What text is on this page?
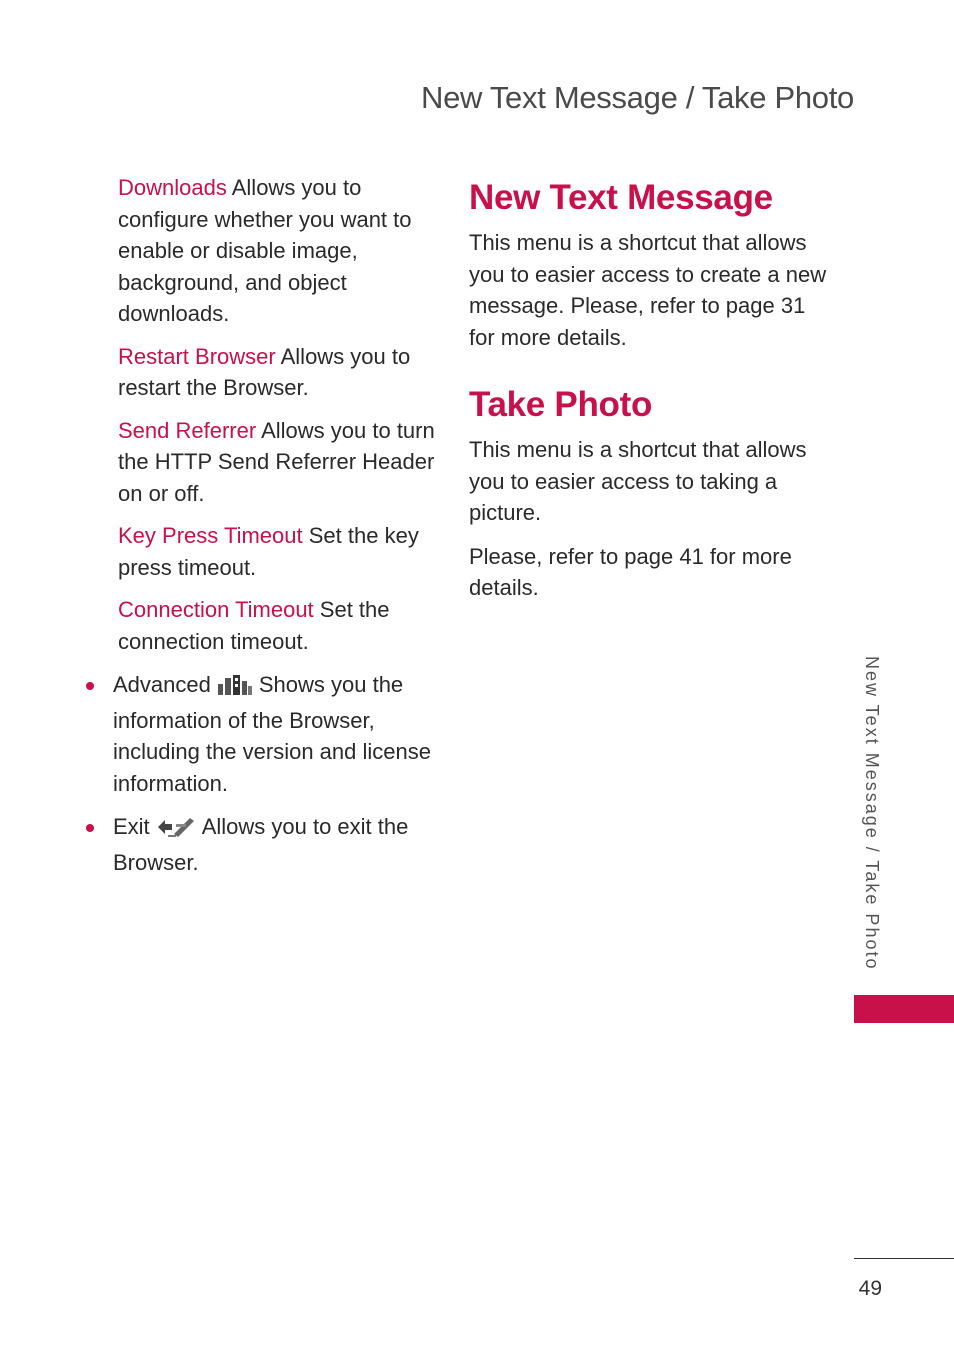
New Text Message / Take Photo
Downloads Allows you to configure whether you want to enable or disable image, background, and object downloads.
Restart Browser Allows you to restart the Browser.
Send Referrer Allows you to turn the HTTP Send Referrer Header on or off.
Key Press Timeout Set the key press timeout.
Connection Timeout Set the connection timeout.
Advanced Shows you the information of the Browser, including the version and license information.
Exit Allows you to exit the Browser.
New Text Message

This menu is a shortcut that allows you to easier access to create a new message. Please, refer to page 31 for more details.

Take Photo

This menu is a shortcut that allows you to easier access to taking a picture.

Please, refer to page 41 for more details.

New Text Message / Take Photo
49
